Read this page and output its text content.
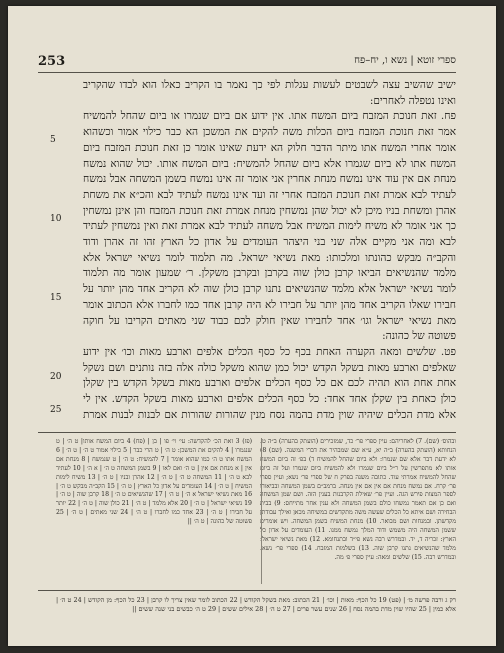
253	ספרי זוטא | נשא ו, יח–פח
5
10
15
20
25

ישיב שהשיב עצה לשבטים לעשות עגלות לפי כך נאמר בו הקריב כאלו הוא לבדו שהקריב ואינו נטפלה לאחרים:

פח. זאת חנוכת המזבח ביום המשח אתו. אין ידוע אם ביום שנמרו או ביום שהחל להמשיח אמר זאת חנוכת המזבח ביום הכלות משה להקים את המשכן הא כבר כילוי אמור וכשהוא אומר אחרי המשח אתו מיתר הדבר חלוק הא ידעת שאינו אומר כן זאת חנוכת המזבח ביום המשח אתו לא ביום שגמרו אלא ביום שהחל להמשיח: ביום המשח אותו. יכול שהוא נמשח מנחת אם אין עוד אינו נמשח מנחת אחרין אני אומר זה אינו נמשח בשמן המשחה אבל נמשח לעתיד לבא אמרת זאת חנוכת המזבח אחרי זה ועד אינו נמשח לעתיד לבא והכ״א את משחת אהרן ומשחת בניו מיכן לא יכול שהן נמשחין מנחת אמרת זאת חנוכת המזבח והן אינן נמשחין כך אני אומר לא משיח לימות המשיח אבל משחה לעתיד לבא אמרת זאת ואין נמשחין לעתיד לבא ומה אני מקיים אלה שני בני היצהר העומדים על אדון כל הארץ זהו זה אהרן ודוד והקב״ה מבקש כהונתו ומלכותו: מאת נשיאי ישראל. מה תלמוד לומר נשיאי ישראל אלא מלמד שהנשיאים הביאו קרבן כולן שוה בקרבן ובקרבן משקלן. ר׳ שמעון אומר מה תלמוד לומר נשיאי ישראל אלא מלמד שהנשיאים נתנו קרבן כולן שוה לא הקריב אחד מהן יותר על חבירו שאלו הקריב אחד מהן יותר על חבירו לא היה קרבן אחד כמו לחברו אלא הכתוב אומר מאת נשיאי ישראל וגו׳ אחד לחבירו שאין חולק לכם כבוד שני מאתים הקריבו על חוקה פשוטה של כהונה:

פט. שלשים ומאה הקערה האחת בכף כל כסף הכלים אלפים וארבע מאות וכו׳ אין ידוע שאלפים וארבע מאות בשקל הקדש יכול כמן שהוא משקל כולה אלה בזה נותנים ושם נשקל אחת אחת הוא תהיה לכם אם כל כסף הכלים אלפים וארבע מאות בשקל הקדש בין שקלן כולן כאחת בין שקלן אחד אחד: כל כסף הכלים אלפים וארבע מאות בשקל הקדש. אין לי אלא מדת הכלים שיהיה שוין מדת בהמה נסח מנין שהורות שהורות אם לבנות לבנות אמרת

ובהוס׳ (שם). 7) לאחריהם: עיין ספרי פר׳ כד, שמזכירים (הועתק בהערה) ב״ה ט. הנחותא (הועתק בהערה) ב״ה יא, ע״א שם שמבהיר את דברי המשנה. (שם) 8) לא ידעת דבר אלא שם שנמרו: ולא ביום שהחל להמשיח ד) בפ׳ זה ביום המשח אותו לא מתפרשין על ר״ל ביום שגמרו ולא להמשיח ביום שגמרו ועל זה ביום שהחל להמשיח אמרתי עוד. כתובה משנה בפרק ח של ספרי פר׳ נשא; ועיין ספרי פר׳ קרח. אם נמשח מנחת אם אין אם אין מנחה. ברמב״ם בשמן המשחה ובביאורו לספר המצות פירש הגה. ועיין פר׳ שאילת הקרבנות בענין הזה. ושם שמן המשחה ואם כן אם תאמר נמשחו כולם בשמן המשחה ולא ענין אחר מתייחס: 9) בבית הבחירה ושם איתא כל הכלים שעשה משה מתקדשים במשיחה מכאן ואילך עבודתן מקדשתן. ובמנחות ושם מבואר. 10) מנחת המשיח בשמן המשחה. ויש אומרים ששמן המשחה היה משמש ודוד המלך נמשח ממנו. 11) העומדים על אדון כל הארץ: זכריה ד, יד. ובמדרש רבה נשא פי״ד ובתנחומא. 12) מאת נשיאי ישראל: מלמד שהנשיאים נתנו קרבן שוה. 13) בשלמות המזבח. 14) ספרי פר׳ נשא. ובמדרש רבה. 15) שלשים ומאה: עיין ספרי פ׳ מה.

(פז) 3 זאת הכ׳ להקדשה: עי׳ וי׳ פו | בן | (פח) 4 ביום המשח אותו| ט ה׳ | ט שנגמרו | 4 להקים את המשכן: ט ה׳ | ט הרי כבר | 5 כילוי אמור ט ה׳ | ט ה׳ | 6 המשח אתו ט ה׳ כמו שהוא אומר | 7 להמשיח: ט ה׳ | ט שנמשח | 8 מנחת אם אין | א מנחת אם אין | ט ה׳ ואם לאו | 9 בשמן המשחה ט ה׳ | א ה׳ | 10 לעתיד לבא ט ה׳ | 11 המשחה ט ה׳ | ט ה׳ | 12 אהרן ובניו | ט ה׳ | 13 משיח לימות המשיח | ט ה׳ | 14 העומדים על אדון כל הארץ | ט ה׳ | 15 הקב״ה מבקש ט ה׳ | 16 מאת נשיאי ישראל א ה׳ | ט ה׳ | 17 שהנשיאים ט ה׳ | 18 קרבן שוה | ט ה׳ | 19 נשיאי ישראל | ט ה׳ | 20 אלא מלמד | ט ה׳ | 21 כולן שוה | ט ה׳ | 22 יותר על חבירו | ט ה׳ | 23 אחד כמו לחברו | ט ה׳ | 24 שני מאתים | ט ה׳ | 25 פשוטה של כהונה | ט ה׳ ||

רק ג ורבה פרשה מ׳ | (פט) 19 כל הכף: מאות | וכו׳ | 21 הכתוב: מאת בשקל הקודש | 22 הכתוב לומר שאין צריך לו קרבן | 23 כל הכף: מן הקודש | 24 ט ה׳ | אלא כמין | 25 שהיו שוין מדת בהמה נסח | 26 שנים עשר פרים | 27 ט ה׳ | 28 אילים ששים | 29 ט ה׳ כבשים בני שנה ששים ||
